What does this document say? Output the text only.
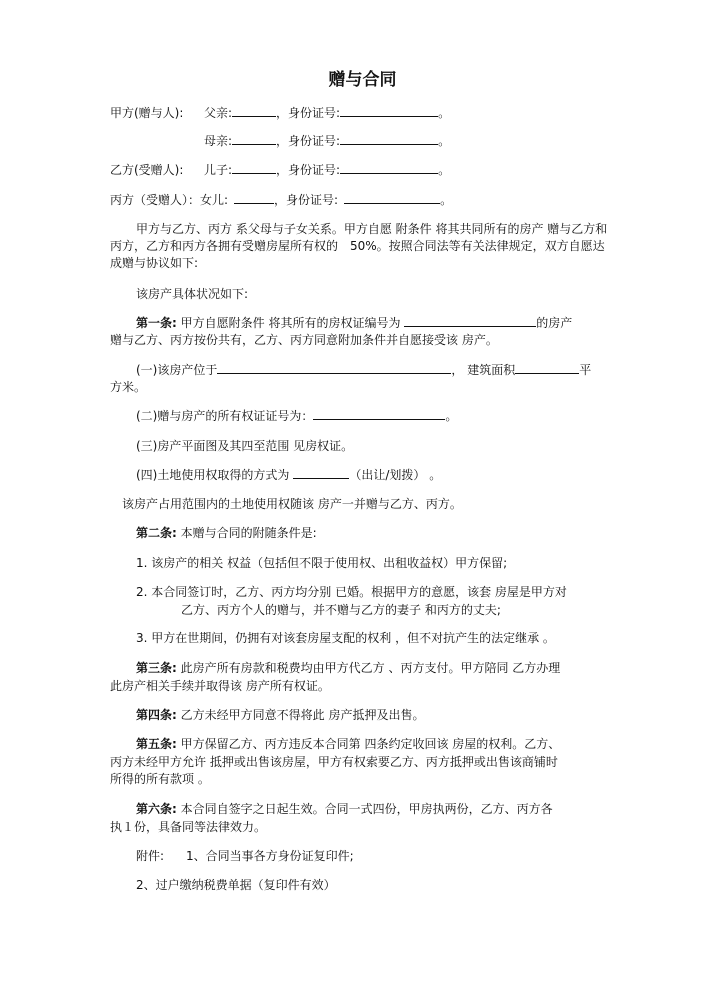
赠与合同
甲方(赠与人): 父亲:	，身份证号:	。
母亲:	，身份证号:	。
乙方(受赠人): 儿子:	，身份证号:	。
丙方（受赠人）：女儿:	，身份证号:	。
甲方与乙方、丙方 系父母与子女关系。甲方自愿 附条件 将其共同所有的房产 赠与乙方和丙方，乙方和丙方各拥有受赠房屋所有权的　50%。按照合同法等有关法律规定，双方自愿达成赠与协议如下:
该房产具体状况如下:
第一条: 甲方自愿附条件 将其所有的房权证编号为	的房产
赠与乙方、丙方按份共有，乙方、丙方同意附加条件并自愿接受该 房产。
(一)该房产位于	， 建筑面积	平
方米。
(二)赠与房产的所有权证证号为：	。
(三)房产平面图及其四至范围 见房权证。
(四)土地使用权取得的方式为	（出让/划拨） 。
该房产占用范围内的土地使用权随该 房产一并赠与乙方、丙方。
第二条: 本赠与合同的附随条件是:
1. 该房产的相关 权益（包括但不限于使用权、出租收益权）甲方保留;
2. 本合同签订时，乙方、丙方均分别 已婚。根据甲方的意愿，该套 房屋是甲方对
乙方、丙方个人的赠与，并不赠与乙方的妻子 和丙方的丈夫;
3. 甲方在世期间，仍拥有对该套房屋支配的权利 ，但不对抗产生的法定继承 。
第三条: 此房产所有房款和税费均由甲方代乙方 、丙方支付。甲方陪同 乙方办理
此房产相关手续并取得该 房产所有权证。
第四条: 乙方未经甲方同意不得将此 房产抵押及出售。
第五条: 甲方保留乙方、丙方违反本合同第 四条约定收回该 房屋的权利。乙方、
丙方未经甲方允许 抵押或出售该房屋，甲方有权索要乙方、丙方抵押或出售该商铺时
所得的所有款项 。
第六条: 本合同自签字之日起生效。合同一式四份，甲房执两份，乙方、丙方各
执１份，具备同等法律效力。
附件: 1、合同当事各方身份证复印件;
2、过户缴纳税费单据（复印件有效）
